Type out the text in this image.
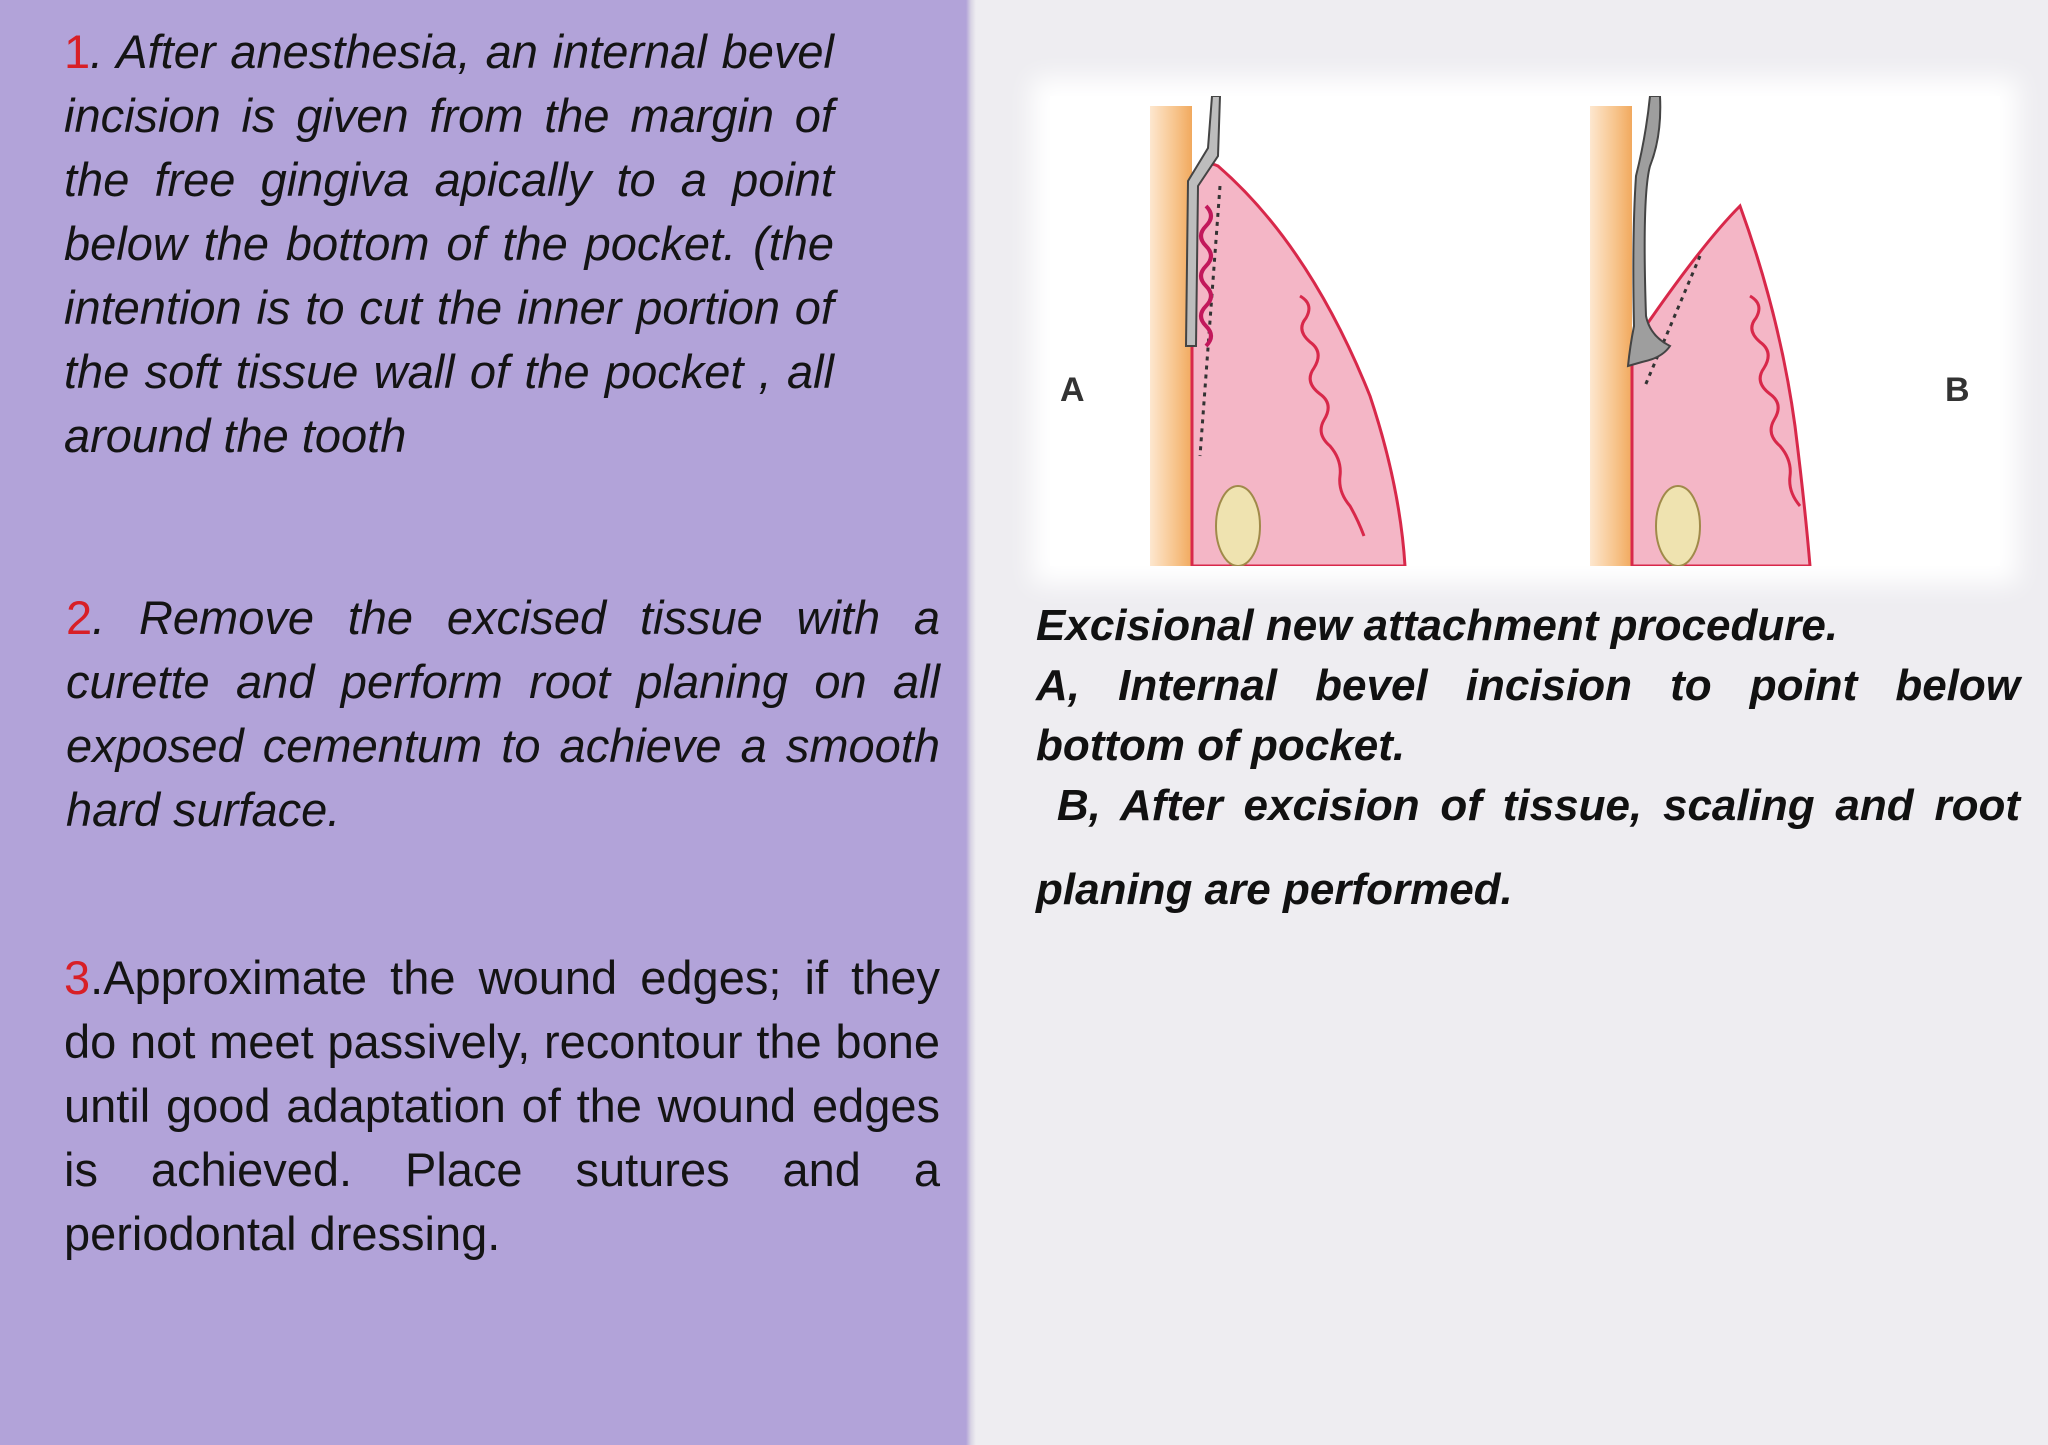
1. After anesthesia, an internal bevel incision is given from the margin of the free gingiva apically to a point below the bottom of the pocket. (the intention is to cut the inner portion of the soft tissue wall of the pocket , all around the tooth
2. Remove the excised tissue with a curette and perform root planing on all exposed cementum to achieve a smooth hard surface.
3.Approximate the wound edges; if they do not meet passively, recontour the bone until good adaptation of the wound edges is achieved. Place sutures and a periodontal dressing.
A	B
Excisional new attachment procedure.
A, Internal bevel incision to point below
bottom of pocket.
B, After excision of tissue, scaling and root
planing are performed.
